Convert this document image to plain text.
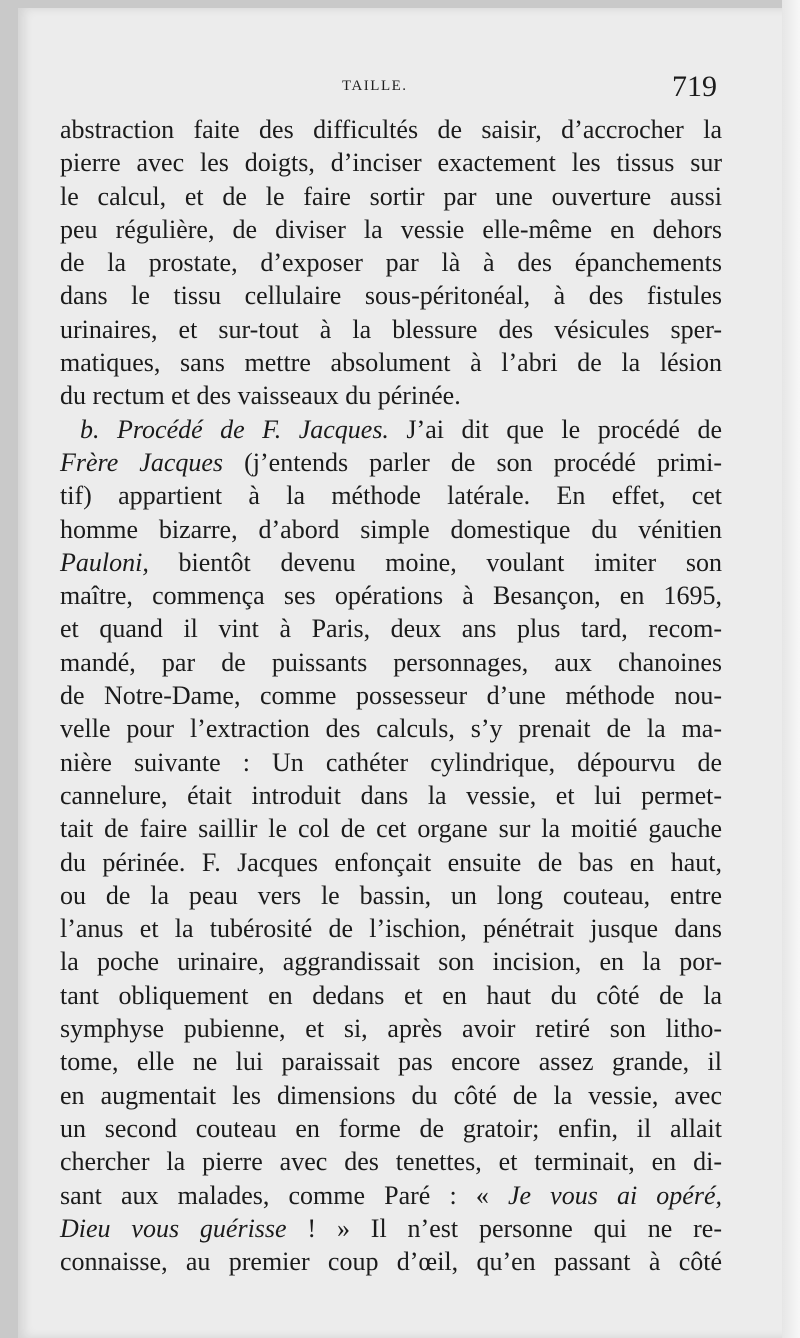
TAILLE.	719
abstraction faite des difficultés de saisir, d’accrocher la
pierre avec les doigts, d’inciser exactement les tissus sur
le calcul, et de le faire sortir par une ouverture aussi
peu régulière, de diviser la vessie elle-même en dehors
de la prostate, d’exposer par là à des épanchements
dans le tissu cellulaire sous-péritonéal, à des fistules
urinaires, et sur-tout à la blessure des vésicules sper-
matiques, sans mettre absolument à l’abri de la lésion
du rectum et des vaisseaux du périnée.
b. Procédé de F. Jacques. J’ai dit que le procédé de
Frère Jacques (j’entends parler de son procédé primi-
tif) appartient à la méthode latérale. En effet, cet
homme bizarre, d’abord simple domestique du vénitien
Pauloni, bientôt devenu moine, voulant imiter son
maître, commença ses opérations à Besançon, en 1695,
et quand il vint à Paris, deux ans plus tard, recom-
mandé, par de puissants personnages, aux chanoines
de Notre-Dame, comme possesseur d’une méthode nou-
velle pour l’extraction des calculs, s’y prenait de la ma-
nière suivante : Un cathéter cylindrique, dépourvu de
cannelure, était introduit dans la vessie, et lui permet-
tait de faire saillir le col de cet organe sur la moitié gauche
du périnée. F. Jacques enfonçait ensuite de bas en haut,
ou de la peau vers le bassin, un long couteau, entre
l’anus et la tubérosité de l’ischion, pénétrait jusque dans
la poche urinaire, aggrandissait son incision, en la por-
tant obliquement en dedans et en haut du côté de la
symphyse pubienne, et si, après avoir retiré son litho-
tome, elle ne lui paraissait pas encore assez grande, il
en augmentait les dimensions du côté de la vessie, avec
un second couteau en forme de gratoir; enfin, il allait
chercher la pierre avec des tenettes, et terminait, en di-
sant aux malades, comme Paré : « Je vous ai opéré,
Dieu vous guérisse ! » Il n’est personne qui ne re-
connaisse, au premier coup d’œil, qu’en passant à côté
